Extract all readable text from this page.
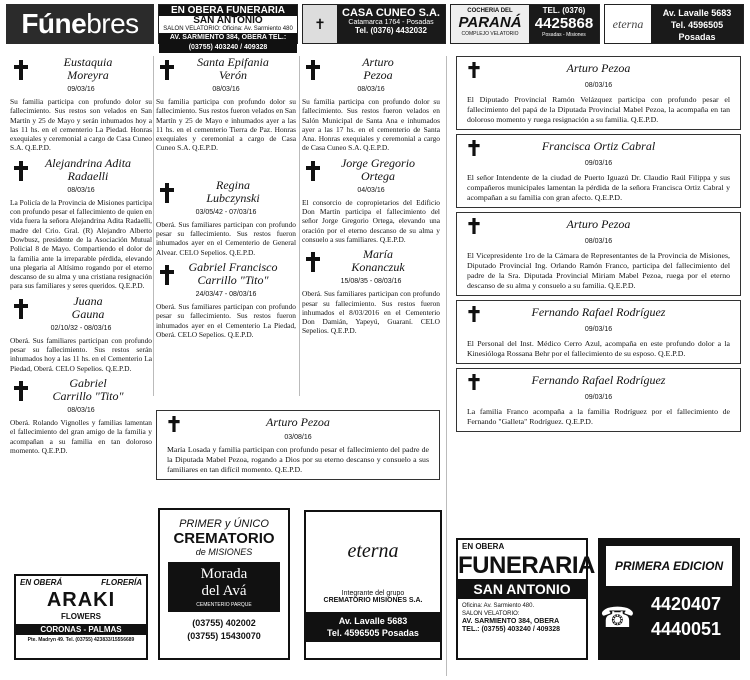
Fúne bres	EN OBERA FUNERARIA
SAN ANTONIO
SALON VELATORIO: Oficina: Av. Sarmiento 480
AV. SARMIENTO 384, OBERA TEL.: (03755) 403240 / 409328
✝
CASA CUNEO S.A.
Catamarca 1764 - Posadas
Tel. (0376) 4432032
COCHERIA DEL
PARANÁ
COMPLEJO VELATORIO
TEL. (0376)
4425868
Posadas - Misiones
eterna
Av. Lavalle 5683
Tel. 4596505
Posadas
Eustaquia
Moreyra
09/03/16
Su familia participa con profundo dolor su fallecimiento. Sus restos son velados en San Martín y 25 de Mayo y serán inhumados hoy a las 11 hs. en el cementerio La Piedad. Honras exequiales y ceremonial a cargo de Casa Cuneo S.A. Q.E.P.D.
Alejandrina Adita
Radaelli
08/03/16
La Policía de la Provincia de Misiones participa con profundo pesar el fallecimiento de quien en vida fuera la señora Alejandrina Adita Radaelli, madre del Crio. Gral. (R) Alejandro Alberto Dowbusz, presidente de la Asociación Mutual Policial 8 de Mayo. Compartiendo el dolor de la familia ante la irreparable pérdida, elevando una plegaria al Altísimo rogando por el eterno descanso de su alma y una cristiana resignación para sus familiares y seres queridos. Q.E.P.D.
Juana
Gauna
02/10/32 - 08/03/16
Oberá. Sus familiares participan con profundo pesar su fallecimiento. Sus restos serán inhumados hoy a las 11 hs. en el Cementerio La Piedad, Oberá. CELO Sepelios. Q.E.P.D.
Gabriel
Carrillo "Tito"
08/03/16
Oberá. Rolando Vignolles y familias lamentan el fallecimiento del gran amigo de la familia y acompañan a su familia en tan doloroso momento. Q.E.P.D.
Santa Epifania
Verón
08/03/16
Su familia participa con profundo dolor su fallecimiento. Sus restos fueron velados en San Martín y 25 de Mayo e inhumados ayer a las 11 hs. en el cementerio Tierra de Paz. Honras exequiales y ceremonial a cargo de Casa Cuneo S.A. Q.E.P.D.
Regina
Lubczynski
03/05/42 - 07/03/16
Oberá. Sus familiares participan con profundo pesar su fallecimiento. Sus restos fueron inhumados ayer en el Cementerio de General Alvear. CELO Sepelios. Q.E.P.D.
Gabriel Francisco
Carrillo "Tito"
24/03/47 - 08/03/16
Oberá. Sus familiares participan con profundo pesar su fallecimiento. Sus restos fueron inhumados ayer en el Cementerio La Piedad, Oberá. CELO Sepelios. Q.E.P.D.
Arturo
Pezoa
08/03/16
Su familia participa con profundo dolor su fallecimiento. Sus restos fueron velados en Salón Municipal de Santa Ana e inhumados ayer a las 17 hs. en el cementerio de Santa Ana. Honras exequiales y ceremonial a cargo de Casa Cuneo S.A. Q.E.P.D.
Jorge Gregorio
Ortega
04/03/16
El consorcio de copropietarios del Edificio Don Martín participa el fallecimiento del señor Jorge Gregorio Ortega, elevando una oración por el eterno descanso de su alma y consuelo a sus familiares. Q.E.P.D.
María
Konanczuk
15/08/35 - 08/03/16
Oberá. Sus familiares participan con profundo pesar su fallecimiento. Sus restos fueron inhumados el 8/03/2016 en el Cementerio Don Damián, Yapeyú, Guaraní. CELO Sepelios. Q.E.P.D.
Arturo Pezoa
03/08/16
María Losada y familia participan con profundo pesar el fallecimiento del padre de la Diputada Mabel Pezoa, rogando a Dios por su eterno descanso y consuelo a sus familiares en tan difícil momento. Q.E.P.D.
Arturo Pezoa
08/03/16
El Diputado Provincial Ramón Velázquez participa con profundo pesar el fallecimiento del papá de la Diputada Provincial Mabel Pezoa, la acompaña en tan doloroso momento y ruega resignación a su familia. Q.E.P.D.
Francisca Ortiz Cabral
09/03/16
El señor Intendente de la ciudad de Puerto Iguazú Dr. Claudio Raúl Filippa y sus compañeros municipales lamentan la pérdida de la señora Francisca Ortiz Cabral y acompañan a su familia con gran afecto. Q.E.P.D.
Arturo Pezoa
08/03/16
El Vicepresidente 1ro de la Cámara de Representantes de la Provincia de Misiones, Diputado Provincial Ing. Orlando Ramón Franco, participa del fallecimiento del padre de la Sra. Diputada Provincial Miriam Mabel Pezoa, ruega por el eterno descanso de su alma y consuelo a su familia. Q.E.P.D.
Fernando Rafael Rodríguez
09/03/16
El Personal del Inst. Médico Cerro Azul, acompaña en este profundo dolor a la Kinesióloga Rossana Behr por el fallecimiento de su esposo. Q.E.P.D.
Fernando Rafael Rodríguez
09/03/16
La familia Franco acompaña a la familia Rodríguez por el fallecimiento de Fernando "Galleta" Rodríguez. Q.E.P.D.
EN OBERÁ	FLORERÍA
ARAKI
FLOWERS
CORONAS - PALMAS
Pte. Madryn 49. Tel. (03755) 423833/15556689
PRIMER y ÚNICO
CREMATORIO
de MISIONES
Morada
del Avá
CEMENTERIO PARQUE
(03755) 402002
(03755) 15430070
eterna
Integrante del grupo
CREMATORIO MISIONES S.A.
Av. Lavalle 5683
Tel. 4596505 Posadas
EN OBERA
FUNERARIA
SAN ANTONIO
Oficina: Av. Sarmiento 480.
SALON VELATORIO:
AV. SARMIENTO 384, OBERA
TEL.: (03755) 403240 / 409328
PRIMERA EDICION
☎ 4420407
4440051
